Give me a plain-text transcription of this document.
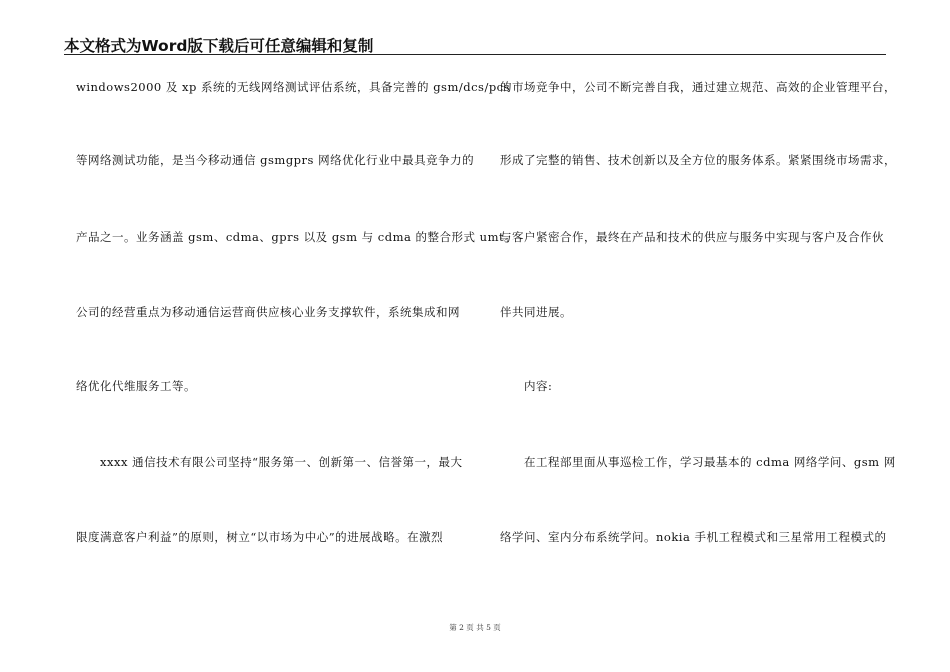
本文格式为Word版下载后可任意编辑和复制
windows2000 及 xp 系统的无线网络测试评估系统，具备完善的 gsm/dcs/pcs
等网络测试功能，是当今移动通信 gsmgprs 网络优化行业中最具竞争力的
产品之一。业务涵盖 gsm、cdma、gprs 以及 gsm 与 cdma 的整合形式 umt。
公司的经营重点为移动通信运营商供应核心业务支撑软件，系统集成和网
络优化代维服务工等。
xxxx 通信技术有限公司坚持“服务第一、创新第一、信誉第一，最大
限度满意客户利益”的原则，树立“以市场为中心”的进展战略。在激烈
的市场竞争中，公司不断完善自我，通过建立规范、高效的企业管理平台，
形成了完整的销售、技术创新以及全方位的服务体系。紧紧围绕市场需求，
与客户紧密合作，最终在产品和技术的供应与服务中实现与客户及合作伙
伴共同进展。
内容:
在工程部里面从事巡检工作，学习最基本的 cdma 网络学问、gsm 网
络学问、室内分布系统学问。nokia 手机工程模式和三星常用工程模式的
第 2 页 共 5 页
